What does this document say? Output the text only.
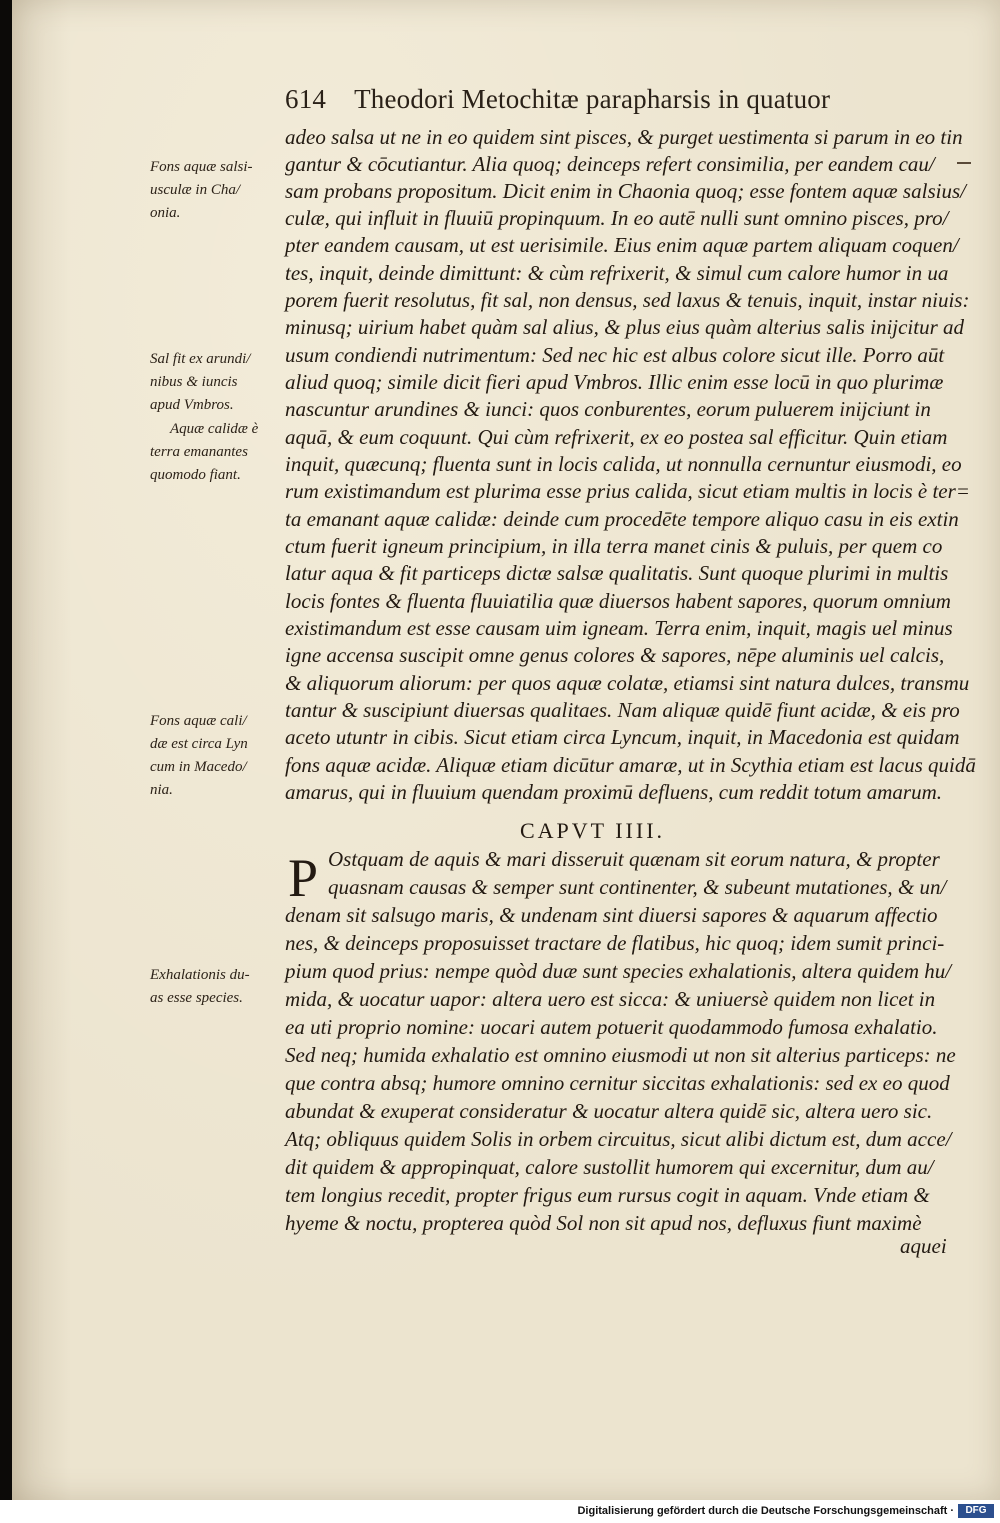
614 Theodori Metochitæ parapharsis in quatuor
adeo salsa ut ne in eo quidem sint pisces, & purget uestimenta si parum in eo tin
gantur & cōcutiantur. Alia quoq; deinceps refert consimilia, per eandem cau/
sam probans propositum. Dicit enim in Chaonia quoq; esse fontem aquæ salsius/
culæ, qui influit in fluuiū propinquum. In eo autē nulli sunt omnino pisces, pro/
pter eandem causam, ut est uerisimile. Eius enim aquæ partem aliquam coquen/
tes, inquit, deinde dimittunt: & cùm refrixerit, & simul cum calore humor in ua
porem fuerit resolutus, fit sal, non densus, sed laxus & tenuis, inquit, instar niuis:
minusq; uirium habet quàm sal alius, & plus eius quàm alterius salis inijcitur ad
usum condiendi nutrimentum: Sed nec hic est albus colore sicut ille. Porro aūt
aliud quoq; simile dicit fieri apud Vmbros. Illic enim esse locū in quo plurimæ
nascuntur arundines & iunci: quos conburentes, eorum puluerem inijciunt in
aquā, & eum coquunt. Qui cùm refrixerit, ex eo postea sal efficitur. Quin etiam
inquit, quæcunq; fluenta sunt in locis calida, ut nonnulla cernuntur eiusmodi, eo
rum existimandum est plurima esse prius calida, sicut etiam multis in locis è ter=
ta emanant aquæ calidæ: deinde cum procedēte tempore aliquo casu in eis extin
ctum fuerit igneum principium, in illa terra manet cinis & puluis, per quem co
latur aqua & fit particeps dictæ salsæ qualitatis. Sunt quoque plurimi in multis
locis fontes & fluenta fluuiatilia quæ diuersos habent sapores, quorum omnium
existimandum est esse causam uim igneam. Terra enim, inquit, magis uel minus
igne accensa suscipit omne genus colores & sapores, nēpe aluminis uel calcis,
& aliquorum aliorum: per quos aquæ colatæ, etiamsi sint natura dulces, transmu
tantur & suscipiunt diuersas qualitaes. Nam aliquæ quidē fiunt acidæ, & eis pro
aceto utuntr in cibis. Sicut etiam circa Lyncum, inquit, in Macedonia est quidam
fons aquæ acidæ. Aliquæ etiam dicūtur amaræ, ut in Scythia etiam est lacus quidā
amarus, qui in fluuium quendam proximū defluens, cum reddit totum amarum.
CAPVT IIII.
P Ostquam de aquis & mari disseruit quænam sit eorum natura, & propter
quasnam causas & semper sunt continenter, & subeunt mutationes, & un/
denam sit salsugo maris, & undenam sint diuersi sapores & aquarum affectio
nes, & deinceps proposuisset tractare de flatibus, hic quoq; idem sumit princi-
pium quod prius: nempe quòd duæ sunt species exhalationis, altera quidem hu/
mida, & uocatur uapor: altera uero est sicca: & uniuersè quidem non licet in
ea uti proprio nomine: uocari autem potuerit quodammodo fumosa exhalatio.
Sed neq; humida exhalatio est omnino eiusmodi ut non sit alterius particeps: ne
que contra absq; humore omnino cernitur siccitas exhalationis: sed ex eo quod
abundat & exuperat consideratur & uocatur altera quidē sic, altera uero sic.
Atq; obliquus quidem Solis in orbem circuitus, sicut alibi dictum est, dum acce/
dit quidem & appropinquat, calore sustollit humorem qui excernitur, dum au/
tem longius recedit, propter frigus eum rursus cogit in aquam. Vnde etiam &
hyeme & noctu, propterea quòd Sol non sit apud nos, defluxus fiunt maximè
aquei
Fons aquæ salsi-
usculæ in Cha/
onia.
Sal fit ex arundi/
nibus & iuncis
apud Vmbros.
Aquæ calidæ è
terra emanantes
quomodo fiant.
Fons aquæ cali/
dæ est circa Lyn
cum in Macedo/
nia.
Exhalationis du-
as esse species.
Digitalisierung gefördert durch die Deutsche Forschungsgemeinschaft ·	DFG
